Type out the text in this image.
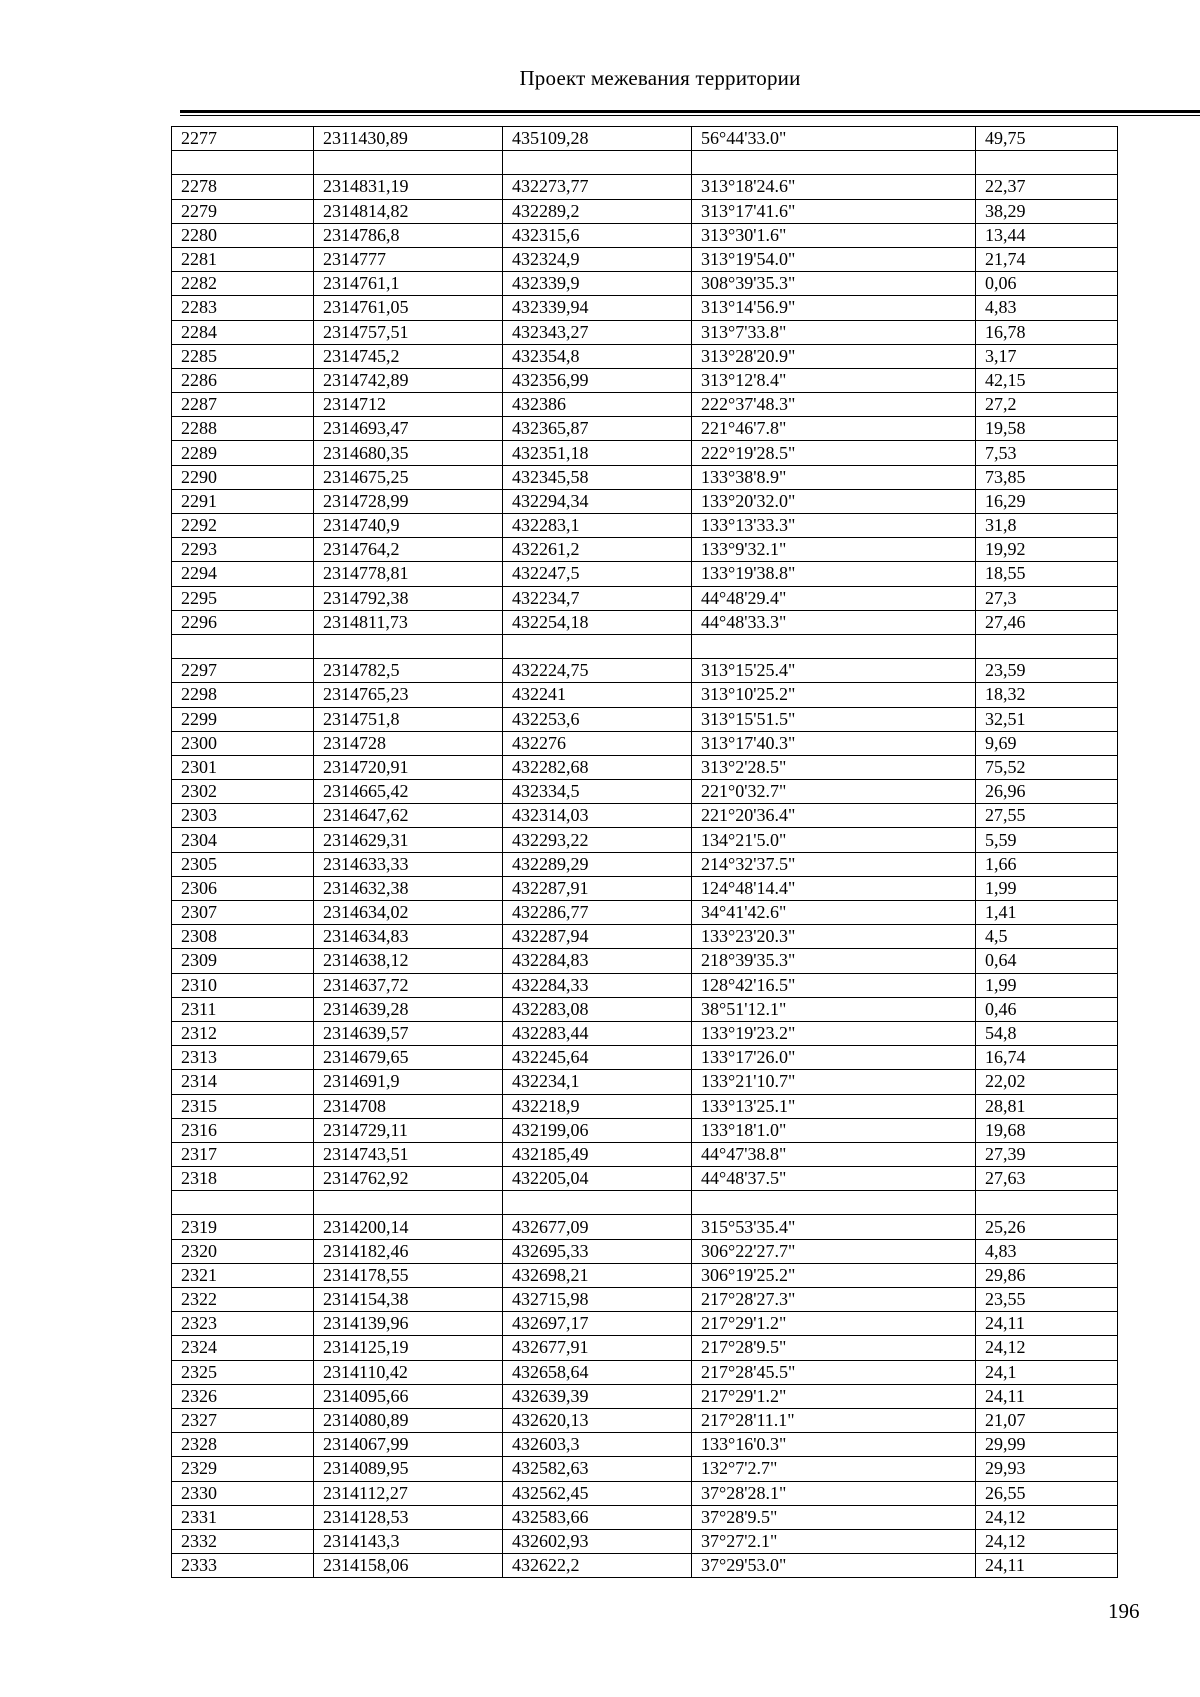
Проект межевания территории
2277	2311430,89	435109,28	56°44'33.0"	49,75

2278	2314831,19	432273,77	313°18'24.6"	22,37
2279	2314814,82	432289,2	313°17'41.6"	38,29
2280	2314786,8	432315,6	313°30'1.6"	13,44
2281	2314777	432324,9	313°19'54.0"	21,74
2282	2314761,1	432339,9	308°39'35.3"	0,06
2283	2314761,05	432339,94	313°14'56.9"	4,83
2284	2314757,51	432343,27	313°7'33.8"	16,78
2285	2314745,2	432354,8	313°28'20.9"	3,17
2286	2314742,89	432356,99	313°12'8.4"	42,15
2287	2314712	432386	222°37'48.3"	27,2
2288	2314693,47	432365,87	221°46'7.8"	19,58
2289	2314680,35	432351,18	222°19'28.5"	7,53
2290	2314675,25	432345,58	133°38'8.9"	73,85
2291	2314728,99	432294,34	133°20'32.0"	16,29
2292	2314740,9	432283,1	133°13'33.3"	31,8
2293	2314764,2	432261,2	133°9'32.1"	19,92
2294	2314778,81	432247,5	133°19'38.8"	18,55
2295	2314792,38	432234,7	44°48'29.4"	27,3
2296	2314811,73	432254,18	44°48'33.3"	27,46

2297	2314782,5	432224,75	313°15'25.4"	23,59
2298	2314765,23	432241	313°10'25.2"	18,32
2299	2314751,8	432253,6	313°15'51.5"	32,51
2300	2314728	432276	313°17'40.3"	9,69
2301	2314720,91	432282,68	313°2'28.5"	75,52
2302	2314665,42	432334,5	221°0'32.7"	26,96
2303	2314647,62	432314,03	221°20'36.4"	27,55
2304	2314629,31	432293,22	134°21'5.0"	5,59
2305	2314633,33	432289,29	214°32'37.5"	1,66
2306	2314632,38	432287,91	124°48'14.4"	1,99
2307	2314634,02	432286,77	34°41'42.6"	1,41
2308	2314634,83	432287,94	133°23'20.3"	4,5
2309	2314638,12	432284,83	218°39'35.3"	0,64
2310	2314637,72	432284,33	128°42'16.5"	1,99
2311	2314639,28	432283,08	38°51'12.1"	0,46
2312	2314639,57	432283,44	133°19'23.2"	54,8
2313	2314679,65	432245,64	133°17'26.0"	16,74
2314	2314691,9	432234,1	133°21'10.7"	22,02
2315	2314708	432218,9	133°13'25.1"	28,81
2316	2314729,11	432199,06	133°18'1.0"	19,68
2317	2314743,51	432185,49	44°47'38.8"	27,39
2318	2314762,92	432205,04	44°48'37.5"	27,63

2319	2314200,14	432677,09	315°53'35.4"	25,26
2320	2314182,46	432695,33	306°22'27.7"	4,83
2321	2314178,55	432698,21	306°19'25.2"	29,86
2322	2314154,38	432715,98	217°28'27.3"	23,55
2323	2314139,96	432697,17	217°29'1.2"	24,11
2324	2314125,19	432677,91	217°28'9.5"	24,12
2325	2314110,42	432658,64	217°28'45.5"	24,1
2326	2314095,66	432639,39	217°29'1.2"	24,11
2327	2314080,89	432620,13	217°28'11.1"	21,07
2328	2314067,99	432603,3	133°16'0.3"	29,99
2329	2314089,95	432582,63	132°7'2.7"	29,93
2330	2314112,27	432562,45	37°28'28.1"	26,55
2331	2314128,53	432583,66	37°28'9.5"	24,12
2332	2314143,3	432602,93	37°27'2.1"	24,12
2333	2314158,06	432622,2	37°29'53.0"	24,11
196
